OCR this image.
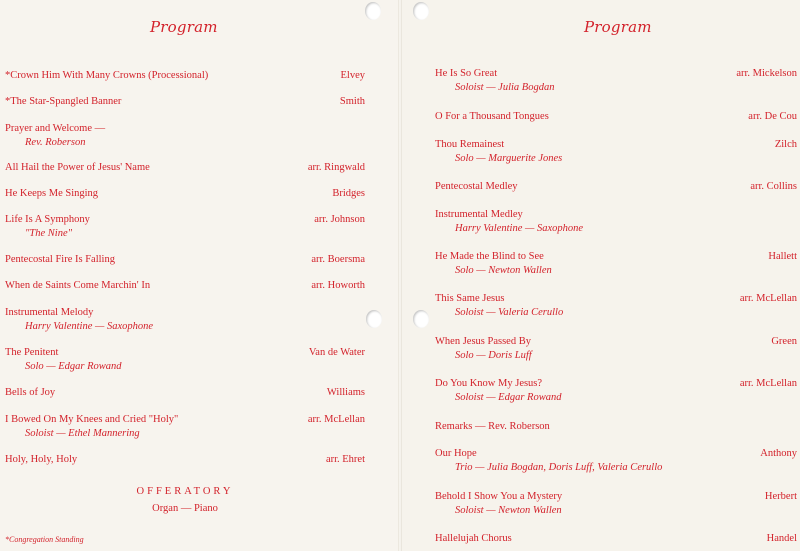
Program
*Crown Him With Many Crowns (Processional)	Elvey
*The Star-Spangled Banner	Smith
Prayer and Welcome —
Rev. Roberson
All Hail the Power of Jesus' Name	arr. Ringwald
He Keeps Me Singing	Bridges
Life Is A Symphony	arr. Johnson
"The Nine"
Pentecostal Fire Is Falling	arr. Boersma
When de Saints Come Marchin' In	arr. Howorth
Instrumental Melody
Harry Valentine — Saxophone
The Penitent	Van de Water
Solo — Edgar Rowand
Bells of Joy	Williams
I Bowed On My Knees and Cried "Holy"	arr. McLellan
Soloist — Ethel Mannering
Holy, Holy, Holy	arr. Ehret
OFFERATORY
Organ — Piano
*Congregation Standing
Program
He Is So Great	arr. Mickelson
Soloist — Julia Bogdan
O For a Thousand Tongues	arr. De Cou
Thou Remainest	Zilch
Solo — Marguerite Jones
Pentecostal Medley	arr. Collins
Instrumental Medley
Harry Valentine — Saxophone
He Made the Blind to See	Hallett
Solo — Newton Wallen
This Same Jesus	arr. McLellan
Soloist — Valeria Cerullo
When Jesus Passed By	Green
Solo — Doris Luff
Do You Know My Jesus?	arr. McLellan
Soloist — Edgar Rowand
Remarks — Rev. Roberson
Our Hope	Anthony
Trio — Julia Bogdan, Doris Luff, Valeria Cerullo
Behold I Show You a Mystery	Herbert
Soloist — Newton Wallen
Hallelujah Chorus	Handel
